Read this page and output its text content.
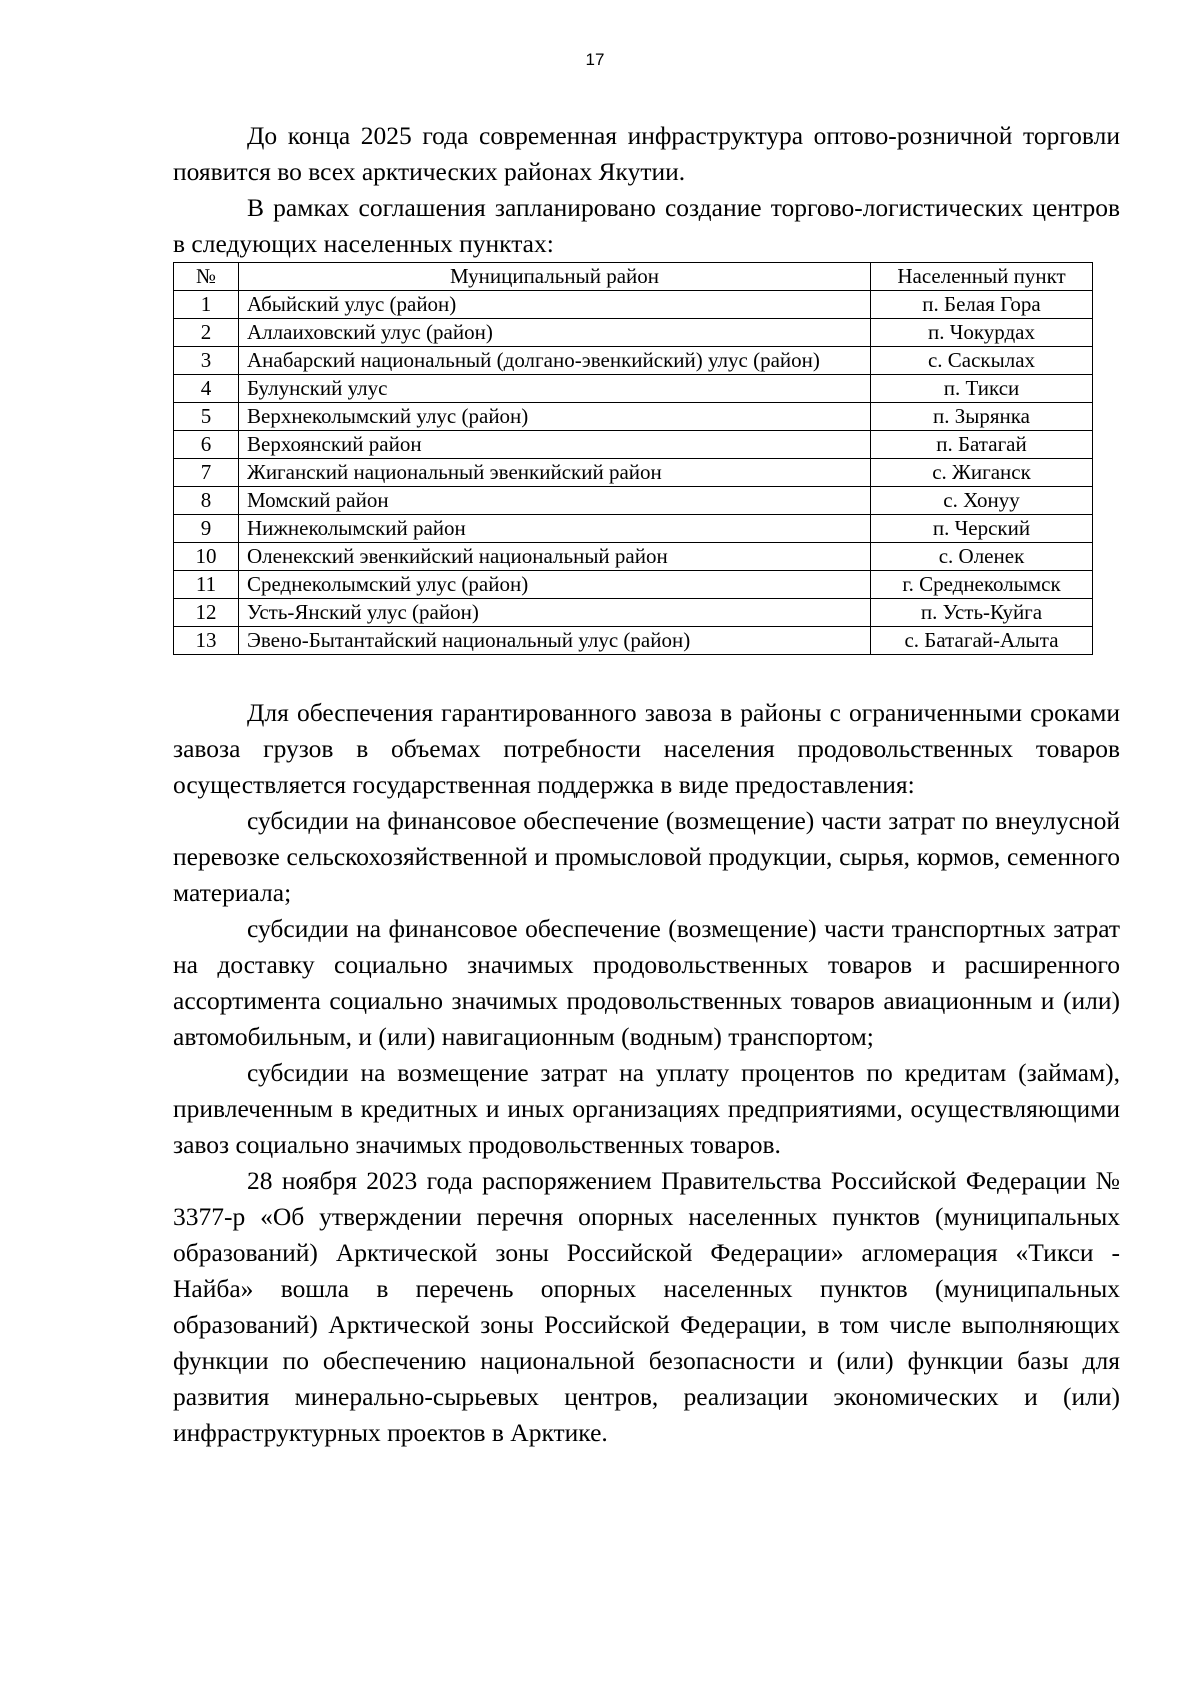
17

До конца 2025 года современная инфраструктура оптово-розничной торговли появится во всех арктических районах Якутии.

В рамках соглашения запланировано создание торгово-логистических центров в следующих населенных пунктах:

№	Муниципальный район	Населенный пункт
1	Абыйский улус (район)	п. Белая Гора
2	Аллаиховский улус (район)	п. Чокурдах
3	Анабарский национальный (долгано-эвенкийский) улус (район)	с. Саскылах
4	Булунский улус	п. Тикси
5	Верхнеколымский улус (район)	п. Зырянка
6	Верхоянский район	п. Батагай
7	Жиганский национальный эвенкийский район	с. Жиганск
8	Момский район	с. Хонуу
9	Нижнеколымский район	п. Черский
10	Оленекский эвенкийский национальный район	с. Оленек
11	Среднеколымский улус (район)	г. Среднеколымск
12	Усть-Янский улус (район)	п. Усть-Куйга
13	Эвено-Бытантайский национальный улус (район)	с. Батагай-Алыта

Для обеспечения гарантированного завоза в районы с ограниченными сроками завоза грузов в объемах потребности населения продовольственных товаров осуществляется государственная поддержка в виде предоставления:

субсидии на финансовое обеспечение (возмещение) части затрат по внеулусной перевозке сельскохозяйственной и промысловой продукции, сырья, кормов, семенного материала;

субсидии на финансовое обеспечение (возмещение) части транспортных затрат на доставку социально значимых продовольственных товаров и расширенного ассортимента социально значимых продовольственных товаров авиационным и (или) автомобильным, и (или) навигационным (водным) транспортом;

субсидии на возмещение затрат на уплату процентов по кредитам (займам), привлеченным в кредитных и иных организациях предприятиями, осуществляющими завоз социально значимых продовольственных товаров.

28 ноября 2023 года распоряжением Правительства Российской Федерации № 3377-р «Об утверждении перечня опорных населенных пунктов (муниципальных образований) Арктической зоны Российской Федерации» агломерация «Тикси - Найба» вошла в перечень опорных населенных пунктов (муниципальных образований) Арктической зоны Российской Федерации, в том числе выполняющих функции по обеспечению национальной безопасности и (или) функции базы для развития минерально-сырьевых центров, реализации экономических и (или) инфраструктурных проектов в Арктике.
